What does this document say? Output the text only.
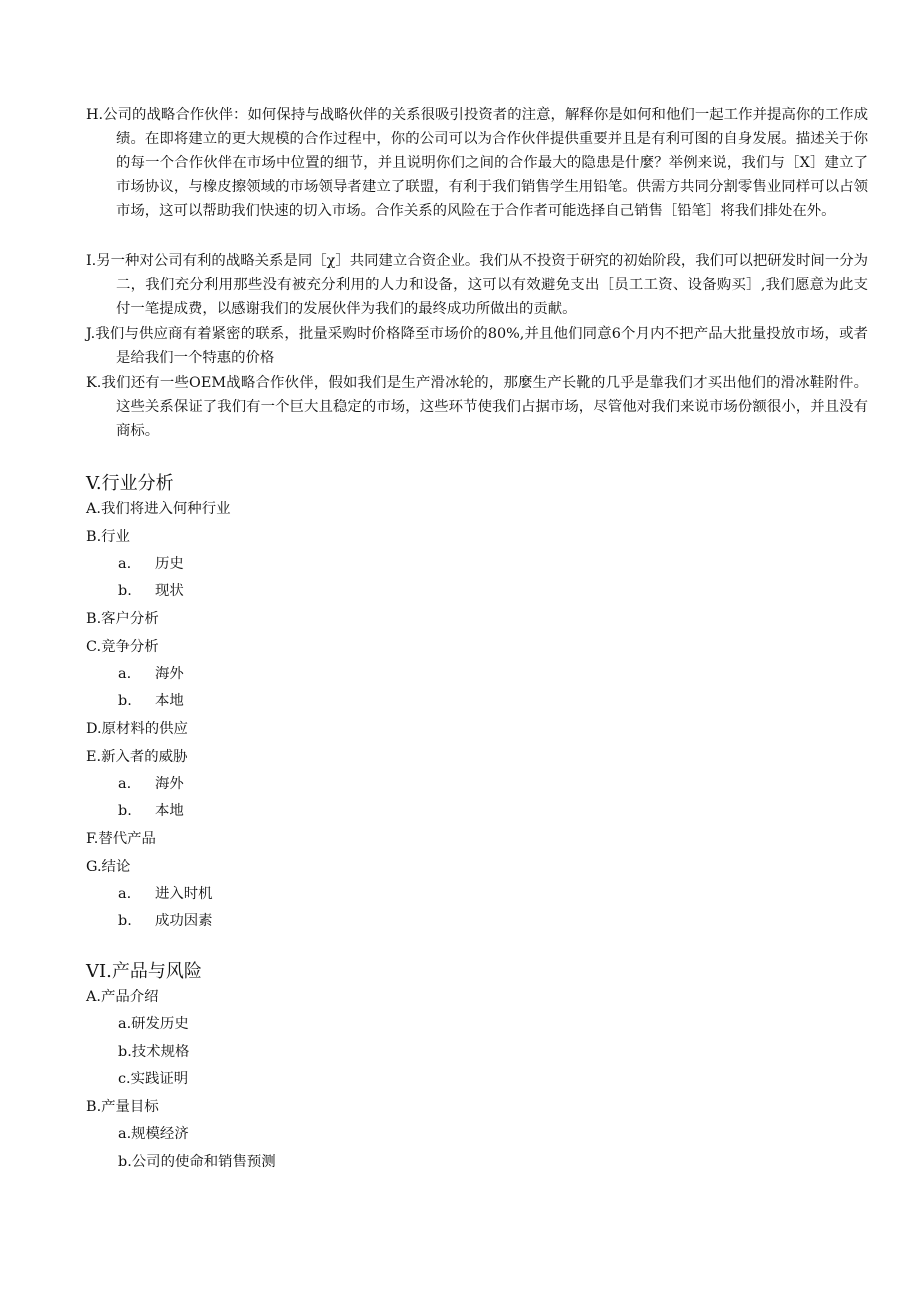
H.公司的战略合作伙伴：如何保持与战略伙伴的关系很吸引投资者的注意，解释你是如何和他们一起工作并提高你的工作成绩。在即将建立的更大规模的合作过程中，你的公司可以为合作伙伴提供重要并且是有利可图的自身发展。描述关于你的每一个合作伙伴在市场中位置的细节，并且说明你们之间的合作最大的隐患是什麼？举例来说，我们与［X］建立了市场协议，与橡皮擦领域的市场领导者建立了联盟，有利于我们销售学生用铅笔。供需方共同分割零售业同样可以占领市场，这可以帮助我们快速的切入市场。合作关系的风险在于合作者可能选择自己销售［铅笔］将我们排处在外。

I.另一种对公司有利的战略关系是同［χ］共同建立合资企业。我们从不投资于研究的初始阶段，我们可以把研发时间一分为二，我们充分利用那些没有被充分利用的人力和设备，这可以有效避免支出［员工工资、设备购买］,我们愿意为此支付一笔提成费，以感谢我们的发展伙伴为我们的最终成功所做出的贡献。

J.我们与供应商有着紧密的联系，批量采购时价格降至市场价的80%,并且他们同意6个月内不把产品大批量投放市场，或者是给我们一个特惠的价格

K.我们还有一些OEM战略合作伙伴，假如我们是生产滑冰轮的，那麼生产长靴的几乎是靠我们才买出他们的滑冰鞋附件。这些关系保证了我们有一个巨大且稳定的市场，这些环节使我们占据市场，尽管他对我们来说市场份额很小，并且没有商标。

V.行业分析
A.我们将进入何种行业
B.行业
a. 历史
b. 现状
B.客户分析
C.竞争分析
a. 海外
b. 本地
D.原材料的供应
E.新入者的威胁
a. 海外
b. 本地
F.替代产品
G.结论
a. 进入时机
b. 成功因素
VI.产品与风险
A.产品介绍
a.研发历史
b.技术规格
c.实践证明
B.产量目标
a.规模经济
b.公司的使命和销售预测
